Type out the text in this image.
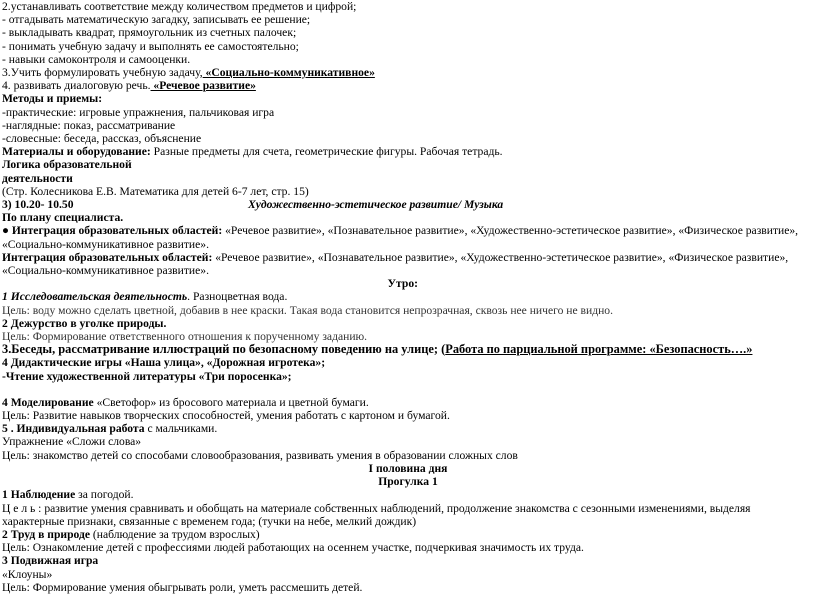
2.устанавливать соответствие между количеством предметов и цифрой;
- отгадывать математическую загадку, записывать ее решение;
- выкладывать квадрат, прямоугольник из счетных палочек;
- понимать учебную задачу и выполнять ее самостоятельно;
- навыки самоконтроля и самооценки.
3.Учить формулировать учебную задачу, «Социально-коммуникативное»
4. развивать диалоговую речь. «Речевое развитие»
Методы и приемы:
-практические: игровые упражнения, пальчиковая игра
-наглядные: показ, рассматривание
-словесные: беседа, рассказ, объяснение
Материалы и оборудование: Разные предметы для счета, геометрические фигуры. Рабочая тетрадь.
Логика образовательной
деятельности
(Стр. Колесникова Е.В. Математика для детей 6-7 лет, стр. 15)
3) 10.20- 10.50	Художественно-эстетическое развитие/ Музыка
По плану специалиста.
● Интеграция образовательных областей: «Речевое развитие», «Познавательное развитие», «Художественно-эстетическое развитие», «Физическое развитие», «Социально-коммуникативное развитие».
Интеграция образовательных областей: «Речевое развитие», «Познавательное развитие», «Художественно-эстетическое развитие», «Физическое развитие», «Социально-коммуникативное развитие».
Утро:
1 Исследовательская деятельность. Разноцветная вода.
Цель: воду можно сделать цветной, добавив в нее краски. Такая вода становится непрозрачная, сквозь нее ничего не видно.
2 Дежурство в уголке природы.
Цель: Формирование ответственного отношения к порученному заданию.
3.Беседы, рассматривание иллюстраций по безопасному поведению на улице; (Работа по парциальной программе: «Безопасность….»
4 Дидактические игры «Наша улица», «Дорожная игротека»;
-Чтение художественной литературы «Три поросенка»;
4 Моделирование «Светофор» из бросового материала и цветной бумаги.
Цель: Развитие навыков творческих способностей, умения работать с картоном и бумагой.
5 . Индивидуальная работа с мальчиками.
Упражнение «Сложи слова»
Цель: знакомство детей со способами словообразования, развивать умения в образовании сложных слов
I половина дня
Прогулка 1
1 Наблюдение за погодой.
Ц е л ь : развитие умения сравнивать и обобщать на материале собственных наблюдений, продолжение знакомства с сезонными изменениями, выделяя характерные признаки, связанные с временем года; (тучки на небе, мелкий дождик)
2 Труд в природе (наблюдение за трудом взрослых)
Цель: Ознакомление детей с профессиями людей работающих на осеннем участке, подчеркивая значимость их труда.
3 Подвижная игра
«Клоуны»
Цель: Формирование умения обыгрывать роли, уметь рассмешить детей.
